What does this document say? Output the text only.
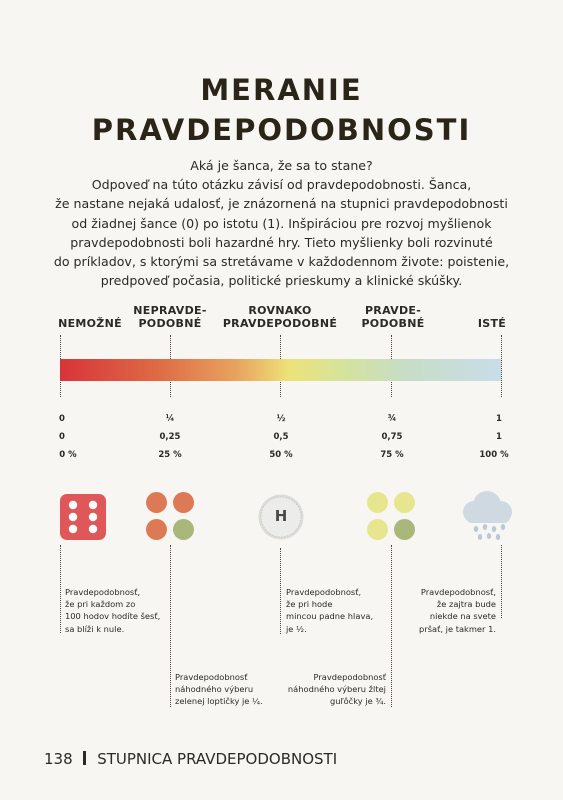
MERANIE
PRAVDEPODOBNOSTI
Aká je šanca, že sa to stane?
Odpoveď na túto otázku závisí od pravdepodobnosti. Šanca,
že nastane nejaká udalosť, je znázornená na stupnici pravdepodobnosti
od žiadnej šance (0) po istotu (1). Inšpiráciou pre rozvoj myšlienok
pravdepodobnosti boli hazardné hry. Tieto myšlienky boli rozvinuté
do príkladov, s ktorými sa stretávame v každodennom živote: poistenie,
predpoveď počasia, politické prieskumy a klinické skúšky.
NEMOŽNÉ
NEPRAVDE-
PODOBNÉ
ROVNAKO
PRAVDEPODOBNÉ
PRAVDE-
PODOBNÉ	ISTÉ
0	¼	½	¾	1
0	0,25	0,5	0,75	1
0 %	25 %	50 %	75 %	100 %
H
Pravdepodobnosť,
že pri každom zo
100 hodov hodíte šesť,
sa blíži k nule.
Pravdepodobnosť
náhodného výberu
zelenej loptičky je ¼.
Pravdepodobnosť,
že pri hode
mincou padne hlava,
je ½.
Pravdepodobnosť
náhodného výberu žltej
guľôčky je ¾.
Pravdepodobnosť,
že zajtra bude
niekde na svete
pršať, je takmer 1.
138 STUPNICA PRAVDEPODOBNOSTI
